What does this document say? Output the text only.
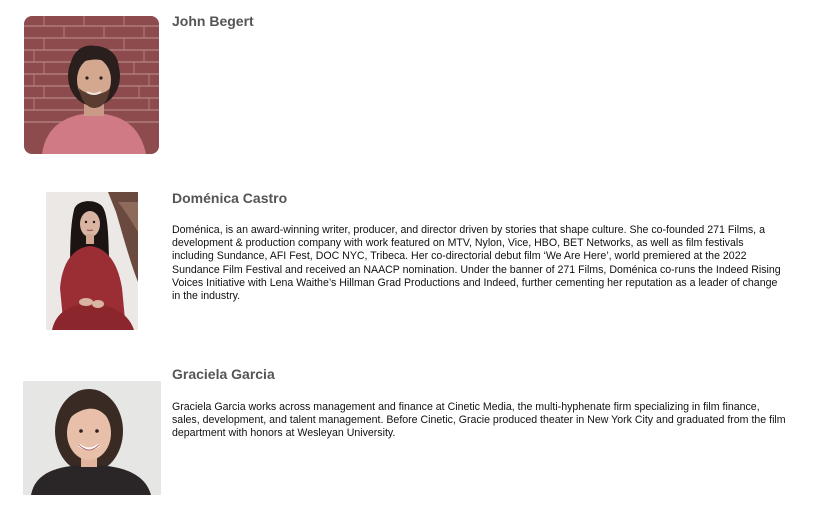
John Begert
Doménica Castro

Doménica, is an award-winning writer, producer, and director driven by stories that shape culture. She co-founded 271 Films, a development & production company with work featured on MTV, Nylon, Vice, HBO, BET Networks, as well as film festivals including Sundance, AFI Fest, DOC NYC, Tribeca. Her co-directorial debut film ‘We Are Here’, world premiered at the 2022 Sundance Film Festival and received an NAACP nomination. Under the banner of 271 Films, Doménica co-runs the Indeed Rising Voices Initiative with Lena Waithe’s Hillman Grad Productions and Indeed, further cementing her reputation as a leader of change in the industry.

Graciela Garcia

Graciela Garcia works across management and finance at Cinetic Media, the multi-hyphenate firm specializing in film finance, sales, development, and talent management. Before Cinetic, Gracie produced theater in New York City and graduated from the film department with honors at Wesleyan University.
